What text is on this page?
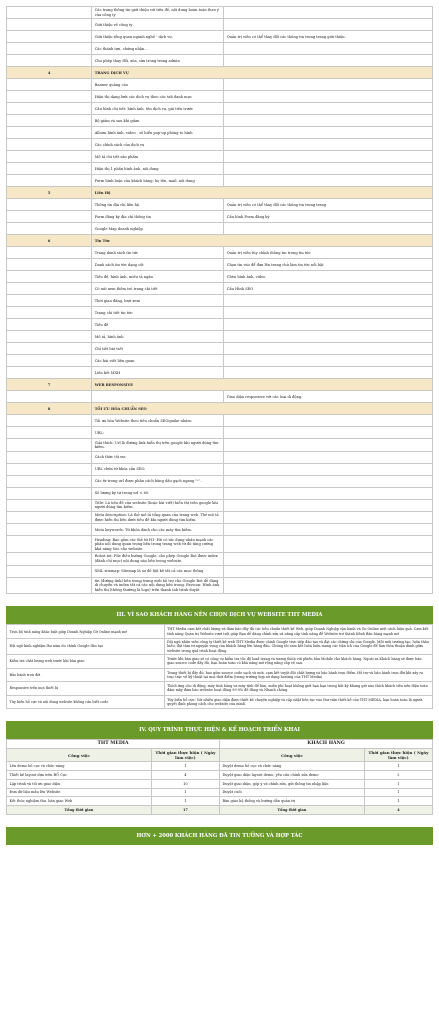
	Các trang thông tin giới thiệu với tiêu đề, nội dung hoàn toàn theo ý của công ty	
	Giới thiệu về công ty	
	Giới thiệu tổng quan ngành nghề - dịch vụ.	Quản trị viên có thể thay đổi các thông tin trong trang giới thiệu.
	Các thành tựu, chứng nhận…	
	Cho phép thay đổi, xóa, sửa trong trang admin	
4	TRANG DỊCH VỤ	
	Banner quảng cáo	
	Hiện thị dạng lưới các dịch vụ theo các tab danh mục	
	Cấu hình chi tiết: hình ảnh, tên dịch vụ, giá tiền trước	
	Bộ giảm và sau khi giảm	
	Album hình ảnh, video , số hiển pop-up phóng to hình	
	Các chính sách của dịch vụ	
	Mô tả chi tiết sản phẩm	
	Hiện thị 1 phần hình ảnh, nội dung	
	Form hình luận của khách hàng: họ tên, mail, nội dung	
5	Liên Hệ	
	Thông tin địa chỉ liên hệ	Quản trị viên có thể thay đổi các thông tin trong trang
	Form đăng ký địa chỉ thông tin	Cấu hình Form đăng ký
	Google Map doanh nghiệp	
6	Tin Tức	
	Trang danh sách tin tức	Quản trị viên tùy chỉnh thông tin trong tin tức
	Danh sách tin tức dạng cột	Chọn tin vào để đưa lên trang chủ làm tin tức nổi bật
	Tiêu đề, hình ảnh, miêu tả ngắn	Chèn hình ảnh, video
	Có nút xem thêm trỏ trang chi tiết	Cấu Hình SEO
	Thời gian đăng, lượt xem	
	Trang chi tiết tin tức	
	Tiêu đề	
	Mô tả, hình ảnh	
	Chỉ tiết bài viết	
	Các bài viết liên quan	
	Liên kết MXH	
7	WEB RESPONSIVE	
		Giao diện responsive với các loại di động.
8	TỐI ƯU HÓA CHUẨN SEO	
	Tối ưu hóa Website theo tiêu chuẩn SEOquake nhắm:	
	URL:	
	Giải thích: Url là đường link hiển thị trên google khi người dùng tìm kiếm.	
	Cách thức tối ưu:	
	URL chứa từ khóa cần SEO.	
	Các từ trong url được phân cách bằng dấu gạch ngang "-".	
	Số lượng ký tự trong url < 60.	
	Title: Là tiêu đề của website (hoặc bài viết) hiển thị trên google khi người dùng tìm kiếm.	
	Meta description: Là thẻ mô tả tổng quan của trang web. Thẻ mô tả được hiển thị bên dưới tiêu đề khi người dùng tìm kiếm.	
	Meta keywords: Từ khóa dành cho các máy tìm kiếm.	
	Heading: Bao gồm các thẻ từ H1- H6 có tác dụng nhấn mạnh các phần nội dung quan trọng bên trong trang web từ đó tăng cường khả năng Seo cho website.	
	Robot.txt: File điều hướng Google, cho phép Google Bot được index (đánh chỉ mục) nội dung nào bên trong website.	
	XML sitemap: Sitemap là sơ đồ liệt kê tất cả các mục thông	
	tin (đường link) bên trong trang web hỗ trợ cho Google Bot dễ dàng di chuyển và index tất cả các nội dung bên trong. Favicon: Hình ảnh hiển thị (thông thường là logo) trên thanh tab trình duyệt	
III. VÌ SAO KHÁCH HÀNG NÊN CHỌN DỊCH VỤ WEBSITE THT MEDIA
Trọn bộ tính năng khác biệt giúp Doanh Nghiệp Gỡ Online mạnh mẽ	THT Media cam kết chất lượng và đảm bảo đầy đủ các tiêu chuẩn thiết kế Web, giúp Doanh Nghiệp vận hành và Go Online một cách hiệu quả. Cam kết tính năng Quản trị Website vượt trội giúp Bạn dễ dàng chỉnh sửa và nâng cấp tính năng để Website trở thành Kênh Bán hàng mạnh mẽ
Đội ngũ kinh nghiệm lâu năm do chính Google đào tạo	Đội ngũ nhân viên công ty thiết kế web THT Media được chính Google trực tiếp đào tạo và đạt các chứng chỉ của Google. Một môi trường tạo, luôn thấu hiểu, đặt tâm tư nguyện vọng của khách hàng lên hàng đầu. Chúng tôi cam kết luôn luôn mang các tiện ích của Google để làm thỏa thuận dành giữa website trong quá trình hoạt động.
Kiểm tra chất lượng web trước khi bàn giao	Trước khi bàn giao sẽ có công cụ kiểm tra tốc độ load trang và tương thích với phiên bản Mobile cho khách hàng. Ngoài ra Khách hàng sẽ được bàn giao source code đầy đủ, bạn hoàn toàn có khả năng mở rộng nâng cấp về sau.
Bảo hành trọn đời	Trang thiết bị đầy đủ, bao gồm source code sạch và mới, cam kết tuyệt đối chất lượng và bảo hành trọn điểm. Hỗ trợ và bảo hành trọn đời khi xảy ra trục trặc về kỹ thuật tại mọi thời điểm (trong trường hợp sử dụng hosting của THT Media)
Responsive trên mọi thiết bị	Thích ứng cho di động, máy tính bảng và máy tính để bàn, miễn phí hoạt không giới hạn hạn trong bất kỳ khung giờ nào thích khách tiêu nên điện toàn đám mây đảm bảo website hoạt động 99.9% để đáng và Nhanh chóng.
Tùy biến hỗ cực và nội dung website không cần biết code	Tùy biến hỗ cực: Với nhiều giao diện được thiết kế chuyên nghiệp và cập nhật liên tục vào thư viện thiết kế của THT MEDIA, bạn hoàn toàn là người quyết định phong cách cho website của mình.
IV. QUY TRÌNH THỰC HIỆN & KẾ HOẠCH TRIỂN KHAI
THT MEDIA		KHÁCH HÀNG	
Công việc	Thời gian thực hiện ( Ngày làm việc)	Công việc	Thời gian thực hiện ( Ngày làm việc)
Lên demo bố cục và chức năng	1	Duyệt demo bố cục và chức năng	1
Thiết kế layout dựa trên BỐ Cục	4	Duyệt giao diện layout demo, yêu cầu chỉnh sửa demo	2
Lập trình và tối ưu giao diện	10	Duyệt giao diện, góp ý và chỉnh sửa, gửi thông tin nhập liệu	1
Đưa dữ liệu mẫu lên Website	1	Duyệt cuối	1
Kết thúc nghiệm thu, bàn giao Web	1	Bàn giao hệ thống và hướng dẫn quản trị	1
Tổng thời gian	17	Tổng thời gian	4
HƠN + 2000 KHÁCH HÀNG ĐÃ TIN TƯỞNG VÀ HỢP TÁC
